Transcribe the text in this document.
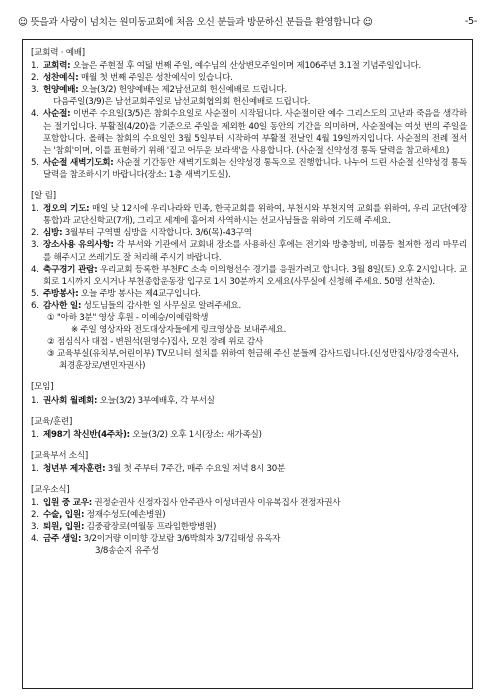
☺ 뜻을과 사랑이 넘치는 원미동교회에 처음 오신 분들과 방문하신 분들을 환영합니다 ☺	-5-
[교회력 · 예배]
1. 교회력: 오늘은 주현절 후 여덟 번째 주일, 예수님의 산상변모주일이며 제106주년 3.1절 기념주일입니다.
2. 성찬예식: 매월 첫 번째 주일은 성찬예식이 있습니다.
3. 헌양예배: 오늘(3/2) 헌양예배는 제2남선교회 헌신예배로 드립니다.
다음주일(3/9)은 남선교회주일로 남선교회협의회 헌신예배로 드립니다.
4. 사순절: 이번주 수요일(3/5)은 참회수요일로 사순절이 시작됩니다. 사순절이란 예수 그리스도의 고난과 죽음을 생각하는 절기입니다. 부활절(4/20)을 기준으로 주일을 제외한 40일 동안의 기간을 의미하며, 사순절에는 여섯 번의 주일을 포함합니다. 올해는 참회의 수요일인 3월 5일부터 시작하여 부활절 전날인 4월 19일까지입니다. 사순절의 전례 절서는 '참회'이며, 이를 표현하기 위해 '짙고 어두운 보라색'을 사용합니다. (사순절 신약성경 통독 달력을 참고하세요)
5. 사순절 새벽기도회: 사순절 기간동안 새벽기도회는 신약성경 통독으로 진행합니다. 나누어 드린 사순절 신약성경 통독 달력을 참조하시기 바랍니다(장소: 1층 새벽기도실).
[알 림]
1. 정오의 기도: 매일 낮 12시에 우리나라와 민족, 한국교회를 위하여, 부천시와 부천지역 교회를 위하여, 우리 교단(예장통합)과 교단신학교(7개), 그리고 세계에 흩어져 사역하시는 선교사님들을 위하여 기도해 주세요.
2. 심방: 3월부터 구역별 심방을 시작합니다. 3/6(목)-43구역
3. 장소사용 유의사항: 각 부서와 기관에서 교회내 장소를 사용하신 후에는 전기와 방충창비, 비품등 철저한 정리 마무리를 해주시고 쓰레기도 잘 처리해 주시기 바랍니다.
4. 축구경기 관람: 우리교회 등록한 부천FC 소속 이의형선수 경기를 응원가려고 합니다. 3월 8일(토) 오후 2시입니다. 교회로 1시까지 오시거나 부천종합운동장 입구로 1시 30분까지 오세요(사무실에 신청해 주세요. 50명 선착순).
5. 주방봉사: 오늘 주방 봉사는 제4교구입니다.
6. 감사한 일: 성도님들의 감사한 일 사무실로 알려주세요.
① "아하 3분" 영상 후원 - 이예승/이예림학생
※ 주일 영상자와 전도대상자들에게 링크영상을 보내주세요.
② 점심식사 대접 - 변원석(원영수)집사, 모친 장례 위로 감사
③ 교육부실(유치부,어린이부) TV모니터 설치를 위하여 헌금해 주신 분들께 감사드립니다.(신성만집사/강경숙권사, 최경훈장로/변민자권사)
[모임]
1. 권사회 월례회: 오늘(3/2) 3부예배후, 각 부서실
[교육/훈련]
1. 제98기 착신반(4주차): 오늘(3/2) 오후 1시(장소: 새가족실)
[교육부서 소식]
1. 청년부 제자훈련: 3월 첫 주부터 7주간, 매주 수요일 저녁 8시 30분
[교우소식]
1. 입원 중 교우: 권정순권사 신정자집사 안주관사 이성녀권사 이유복집사 전정자권사
2. 수술, 입원: 정재수성도(예손병원)
3. 퇴원, 입원: 김중광장로(여월동 프라임한방병원)
4. 금주 생일: 3/2이거량 이미향 강보람 3/6박희자 3/7김태성 유옥자
3/8송순지 유주성
